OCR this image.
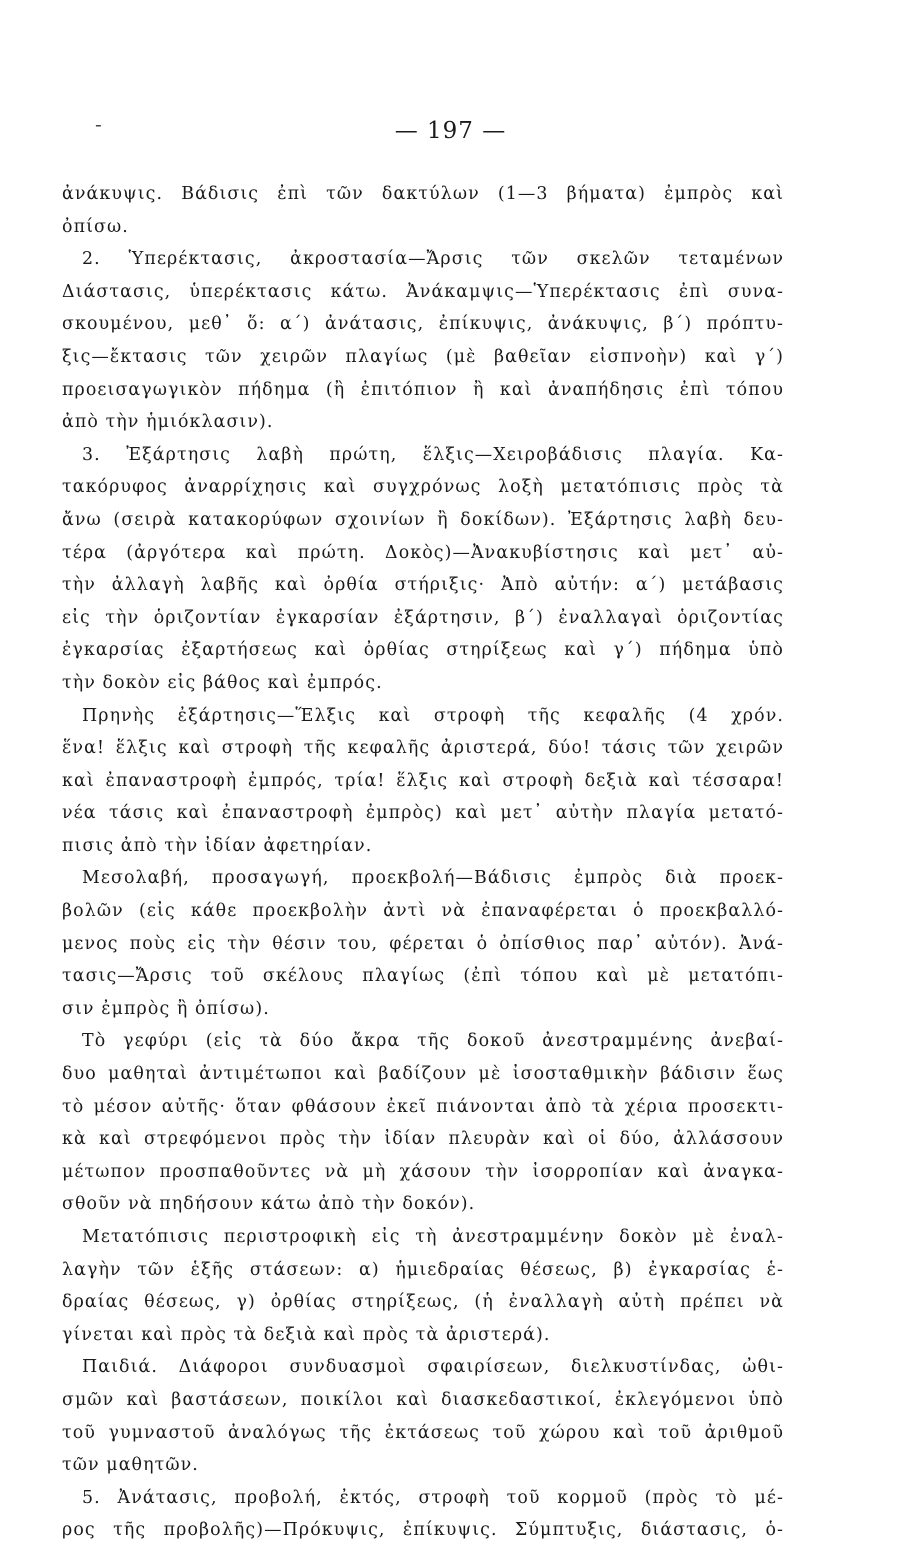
-	— 197 —
ἀνάκυψις. Βάδισις ἐπὶ τῶν δακτύλων (1—3 βήματα) ἐμπρὸς καὶ
ὀπίσω.
2. Ὑπερέκτασις, ἀκροστασία—Ἄρσις τῶν σκελῶν τεταμένων
Διάστασις, ὑπερέκτασις κάτω. Ἀνάκαμψις—Ὑπερέκτασις ἐπὶ συνα-
σκουμένου, μεθ᾽ ὅ: α΄) ἀνάτασις, ἐπίκυψις, ἀνάκυψις, β΄) πρόπτυ-
ξις—ἔκτασις τῶν χειρῶν πλαγίως (μὲ βαθεῖαν εἰσπνοὴν) καὶ γ΄)
προεισαγωγικὸν πήδημα (ἢ ἐπιτόπιον ἢ καὶ ἀναπήδησις ἐπὶ τόπου
ἀπὸ τὴν ἡμιόκλασιν).
3. Ἐξάρτησις λαβὴ πρώτη, ἕλξις—Χειροβάδισις πλαγία. Κα-
τακόρυφος ἀναρρίχησις καὶ συγχρόνως λοξὴ μετατόπισις πρὸς τὰ
ἄνω (σειρὰ κατακορύφων σχοινίων ἢ δοκίδων). Ἐξάρτησις λαβὴ δευ-
τέρα (ἀργότερα καὶ πρώτη. Δοκὸς)—Ἀνακυβίστησις καὶ μετ᾽ αὐ-
τὴν ἀλλαγὴ λαβῆς καὶ ὀρθία στήριξις· Ἀπὸ αὐτήν: α΄) μετάβασις
εἰς τὴν ὁριζοντίαν ἐγκαρσίαν ἐξάρτησιν, β΄) ἐναλλαγαὶ ὁριζοντίας
ἐγκαρσίας ἐξαρτήσεως καὶ ὀρθίας στηρίξεως καὶ γ΄) πήδημα ὑπὸ
τὴν δοκὸν εἰς βάθος καὶ ἐμπρός.
Πρηνὴς ἐξάρτησις—Ἕλξις καὶ στροφὴ τῆς κεφαλῆς (4 χρόν.
ἕνα! ἕλξις καὶ στροφὴ τῆς κεφαλῆς ἀριστερά, δύο! τάσις τῶν χειρῶν
καὶ ἐπαναστροφὴ ἐμπρός, τρία! ἕλξις καὶ στροφὴ δεξιὰ καὶ τέσσαρα!
νέα τάσις καὶ ἐπαναστροφὴ ἐμπρὸς) καὶ μετ᾽ αὐτὴν πλαγία μετατό-
πισις ἀπὸ τὴν ἰδίαν ἀφετηρίαν.
Μεσολαβή, προσαγωγή, προεκβολή—Βάδισις ἐμπρὸς διὰ προεκ-
βολῶν (εἰς κάθε προεκβολὴν ἀντὶ νὰ ἐπαναφέρεται ὁ προεκβαλλό-
μενος ποὺς εἰς τὴν θέσιν του, φέρεται ὁ ὀπίσθιος παρ᾽ αὐτόν). Ἀνά-
τασις—Ἄρσις τοῦ σκέλους πλαγίως (ἐπὶ τόπου καὶ μὲ μετατόπι-
σιν ἐμπρὸς ἢ ὀπίσω).
Τὸ γεφύρι (εἰς τὰ δύο ἄκρα τῆς δοκοῦ ἀνεστραμμένης ἀνεβαί-
δυο μαθηταὶ ἀντιμέτωποι καὶ βαδίζουν μὲ ἰσοσταθμικὴν βάδισιν ἕως
τὸ μέσον αὐτῆς· ὅταν φθάσουν ἐκεῖ πιάνονται ἀπὸ τὰ χέρια προσεκτι-
κὰ καὶ στρεφόμενοι πρὸς τὴν ἰδίαν πλευρὰν καὶ οἱ δύο, ἀλλάσσουν
μέτωπον προσπαθοῦντες νὰ μὴ χάσουν τὴν ἰσορροπίαν καὶ ἀναγκα-
σθοῦν νὰ πηδήσουν κάτω ἀπὸ τὴν δοκόν).
Μετατόπισις περιστροφικὴ εἰς τὴ ἀνεστραμμένην δοκὸν μὲ ἐναλ-
λαγὴν τῶν ἑξῆς στάσεων: α) ἡμιεδραίας θέσεως, β) ἐγκαρσίας ἑ-
δραίας θέσεως, γ) ὀρθίας στηρίξεως, (ἡ ἐναλλαγὴ αὐτὴ πρέπει νὰ
γίνεται καὶ πρὸς τὰ δεξιὰ καὶ πρὸς τὰ ἀριστερά).
Παιδιά. Διάφοροι συνδυασμοὶ σφαιρίσεων, διελκυστίνδας, ὠθι-
σμῶν καὶ βαστάσεων, ποικίλοι καὶ διασκεδαστικοί, ἐκλεγόμενοι ὑπὸ
τοῦ γυμναστοῦ ἀναλόγως τῆς ἐκτάσεως τοῦ χώρου καὶ τοῦ ἀριθμοῦ
τῶν μαθητῶν.
5. Ἀνάτασις, προβολή, ἐκτός, στροφὴ τοῦ κορμοῦ (πρὸς τὸ μέ-
ρος τῆς προβολῆς)—Πρόκυψις, ἐπίκυψις. Σύμπτυξις, διάστασις, ὁ-
